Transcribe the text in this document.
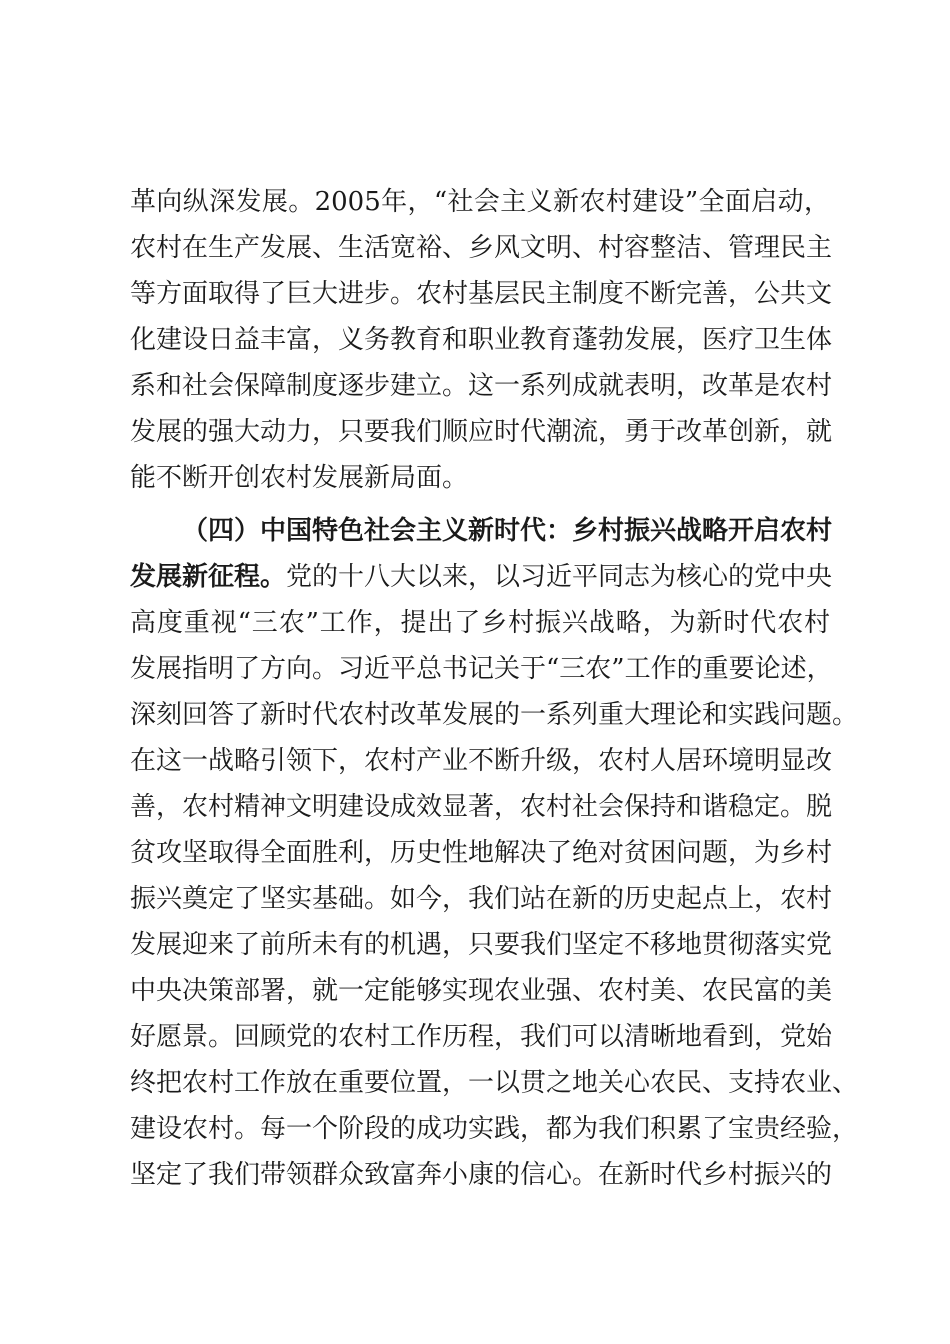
革向纵深发展。2005年，“社会主义新农村建设”全面启动，
农村在生产发展、生活宽裕、乡风文明、村容整洁、管理民主
等方面取得了巨大进步。农村基层民主制度不断完善，公共文
化建设日益丰富，义务教育和职业教育蓬勃发展，医疗卫生体
系和社会保障制度逐步建立。这一系列成就表明，改革是农村
发展的强大动力，只要我们顺应时代潮流，勇于改革创新，就
能不断开创农村发展新局面。
（四）中国特色社会主义新时代：乡村振兴战略开启农村
发展新征程。党的十八大以来，以习近平同志为核心的党中央
高度重视“三农”工作，提出了乡村振兴战略，为新时代农村
发展指明了方向。习近平总书记关于“三农”工作的重要论述，
深刻回答了新时代农村改革发展的一系列重大理论和实践问题。
在这一战略引领下，农村产业不断升级，农村人居环境明显改
善，农村精神文明建设成效显著，农村社会保持和谐稳定。脱
贫攻坚取得全面胜利，历史性地解决了绝对贫困问题，为乡村
振兴奠定了坚实基础。如今，我们站在新的历史起点上，农村
发展迎来了前所未有的机遇，只要我们坚定不移地贯彻落实党
中央决策部署，就一定能够实现农业强、农村美、农民富的美
好愿景。回顾党的农村工作历程，我们可以清晰地看到，党始
终把农村工作放在重要位置，一以贯之地关心农民、支持农业、
建设农村。每一个阶段的成功实践，都为我们积累了宝贵经验，
坚定了我们带领群众致富奔小康的信心。在新时代乡村振兴的
